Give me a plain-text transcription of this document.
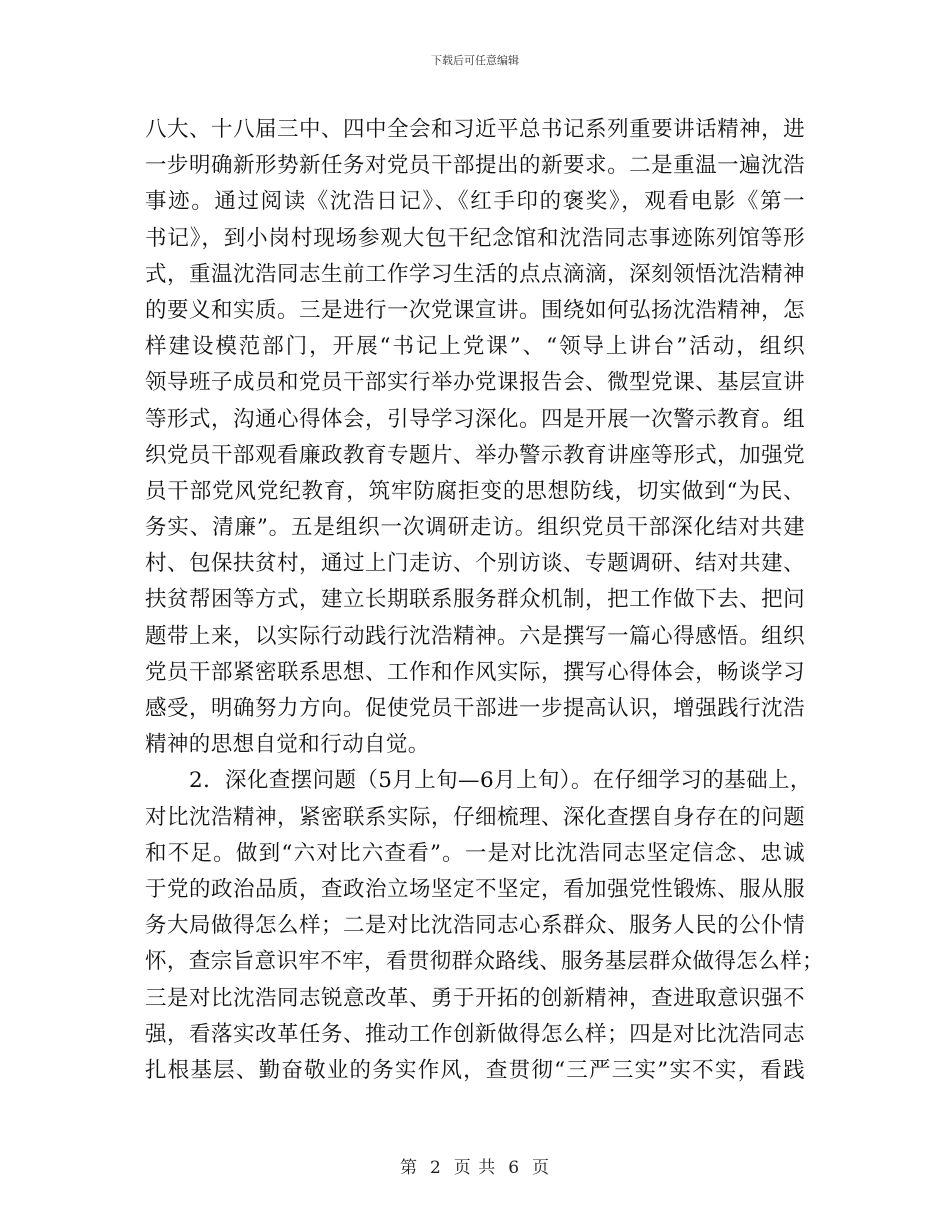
下载后可任意编辑
八大、十八届三中、四中全会和习近平总书记系列重要讲话精神，进
一步明确新形势新任务对党员干部提出的新要求。二是重温一遍沈浩
事迹。通过阅读《沈浩日记》、《红手印的褒奖》，观看电影《第一
书记》，到小岗村现场参观大包干纪念馆和沈浩同志事迹陈列馆等形
式，重温沈浩同志生前工作学习生活的点点滴滴，深刻领悟沈浩精神
的要义和实质。三是进行一次党课宣讲。围绕如何弘扬沈浩精神，怎
样建设模范部门，开展“书记上党课”、“领导上讲台”活动，组织
领导班子成员和党员干部实行举办党课报告会、微型党课、基层宣讲
等形式，沟通心得体会，引导学习深化。四是开展一次警示教育。组
织党员干部观看廉政教育专题片、举办警示教育讲座等形式，加强党
员干部党风党纪教育，筑牢防腐拒变的思想防线，切实做到“为民、
务实、清廉”。五是组织一次调研走访。组织党员干部深化结对共建
村、包保扶贫村，通过上门走访、个别访谈、专题调研、结对共建、
扶贫帮困等方式，建立长期联系服务群众机制，把工作做下去、把问
题带上来，以实际行动践行沈浩精神。六是撰写一篇心得感悟。组织
党员干部紧密联系思想、工作和作风实际，撰写心得体会，畅谈学习
感受，明确努力方向。促使党员干部进一步提高认识，增强践行沈浩
精神的思想自觉和行动自觉。
2．深化查摆问题（5月上旬—6月上旬）。在仔细学习的基础上，
对比沈浩精神，紧密联系实际，仔细梳理、深化查摆自身存在的问题
和不足。做到“六对比六查看”。一是对比沈浩同志坚定信念、忠诚
于党的政治品质，查政治立场坚定不坚定，看加强党性锻炼、服从服
务大局做得怎么样；二是对比沈浩同志心系群众、服务人民的公仆情
怀，查宗旨意识牢不牢，看贯彻群众路线、服务基层群众做得怎么样；
三是对比沈浩同志锐意改革、勇于开拓的创新精神，查进取意识强不
强，看落实改革任务、推动工作创新做得怎么样；四是对比沈浩同志
扎根基层、勤奋敬业的务实作风，查贯彻“三严三实”实不实，看践
第 2 页 共 6 页
